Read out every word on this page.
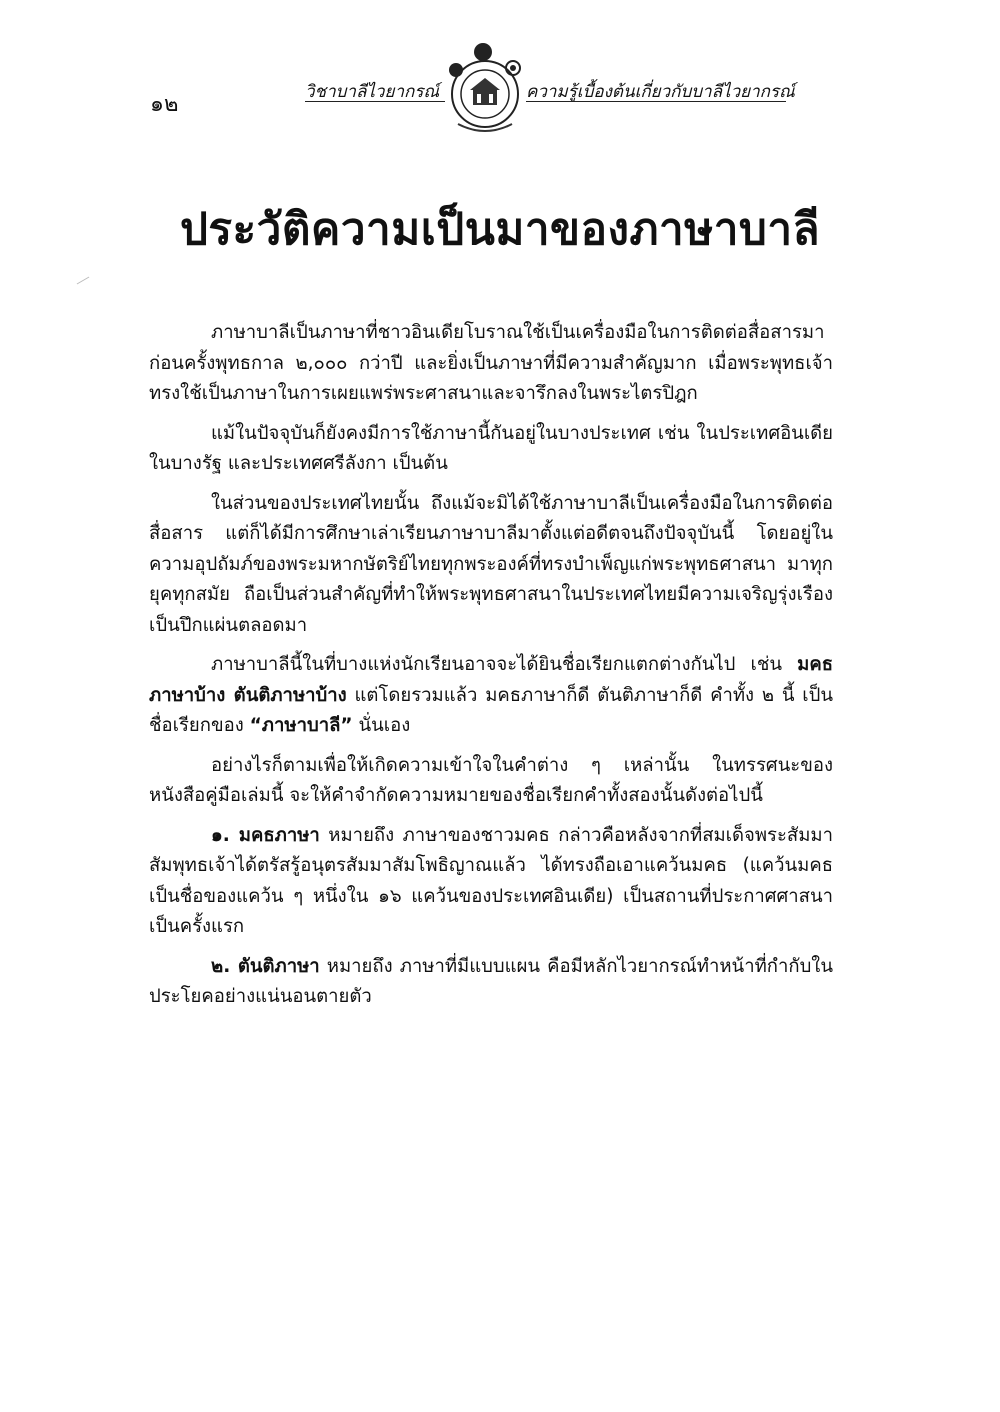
๑๒	วิชาบาลีไวยากรณ์	ความรู้เบื้องต้นเกี่ยวกับบาลีไวยากรณ์
ประวัติความเป็นมาของภาษาบาลี

ภาษาบาลีเป็นภาษาที่ชาวอินเดียโบราณใช้เป็นเครื่องมือในการติดต่อสื่อสารมาก่อนครั้งพุทธกาล ๒,๐๐๐ กว่าปี และยิ่งเป็นภาษาที่มีความสำคัญมาก เมื่อพระพุทธเจ้าทรงใช้เป็นภาษาในการเผยแพร่พระศาสนาและจารึกลงในพระไตรปิฎก

แม้ในปัจจุบันก็ยังคงมีการใช้ภาษานี้กันอยู่ในบางประเทศ เช่น ในประเทศอินเดียในบางรัฐ และประเทศศรีลังกา เป็นต้น

ในส่วนของประเทศไทยนั้น ถึงแม้จะมิได้ใช้ภาษาบาลีเป็นเครื่องมือในการติดต่อสื่อสาร แต่ก็ได้มีการศึกษาเล่าเรียนภาษาบาลีมาตั้งแต่อดีตจนถึงปัจจุบันนี้ โดยอยู่ในความอุปถัมภ์ของพระมหากษัตริย์ไทยทุกพระองค์ที่ทรงบำเพ็ญแก่พระพุทธศาสนา มาทุกยุคทุกสมัย ถือเป็นส่วนสำคัญที่ทำให้พระพุทธศาสนาในประเทศไทยมีความเจริญรุ่งเรืองเป็นปึกแผ่นตลอดมา

ภาษาบาลีนี้ในที่บางแห่งนักเรียนอาจจะได้ยินชื่อเรียกแตกต่างกันไป เช่น มคธภาษาบ้าง ตันติภาษาบ้าง แต่โดยรวมแล้ว มคธภาษาก็ดี ตันติภาษาก็ดี คำทั้ง ๒ นี้ เป็นชื่อเรียกของ “ภาษาบาลี” นั่นเอง

อย่างไรก็ตามเพื่อให้เกิดความเข้าใจในคำต่าง ๆ เหล่านั้น ในทรรศนะของหนังสือคู่มือเล่มนี้ จะให้คำจำกัดความหมายของชื่อเรียกคำทั้งสองนั้นดังต่อไปนี้

๑. มคธภาษา หมายถึง ภาษาของชาวมคธ กล่าวคือหลังจากที่สมเด็จพระสัมมาสัมพุทธเจ้าได้ตรัสรู้อนุตรสัมมาสัมโพธิญาณแล้ว ได้ทรงถือเอาแคว้นมคธ (แคว้นมคธเป็นชื่อของแคว้น ๆ หนึ่งใน ๑๖ แคว้นของประเทศอินเดีย) เป็นสถานที่ประกาศศาสนาเป็นครั้งแรก

๒. ตันติภาษา หมายถึง ภาษาที่มีแบบแผน คือมีหลักไวยากรณ์ทำหน้าที่กำกับในประโยคอย่างแน่นอนตายตัว
